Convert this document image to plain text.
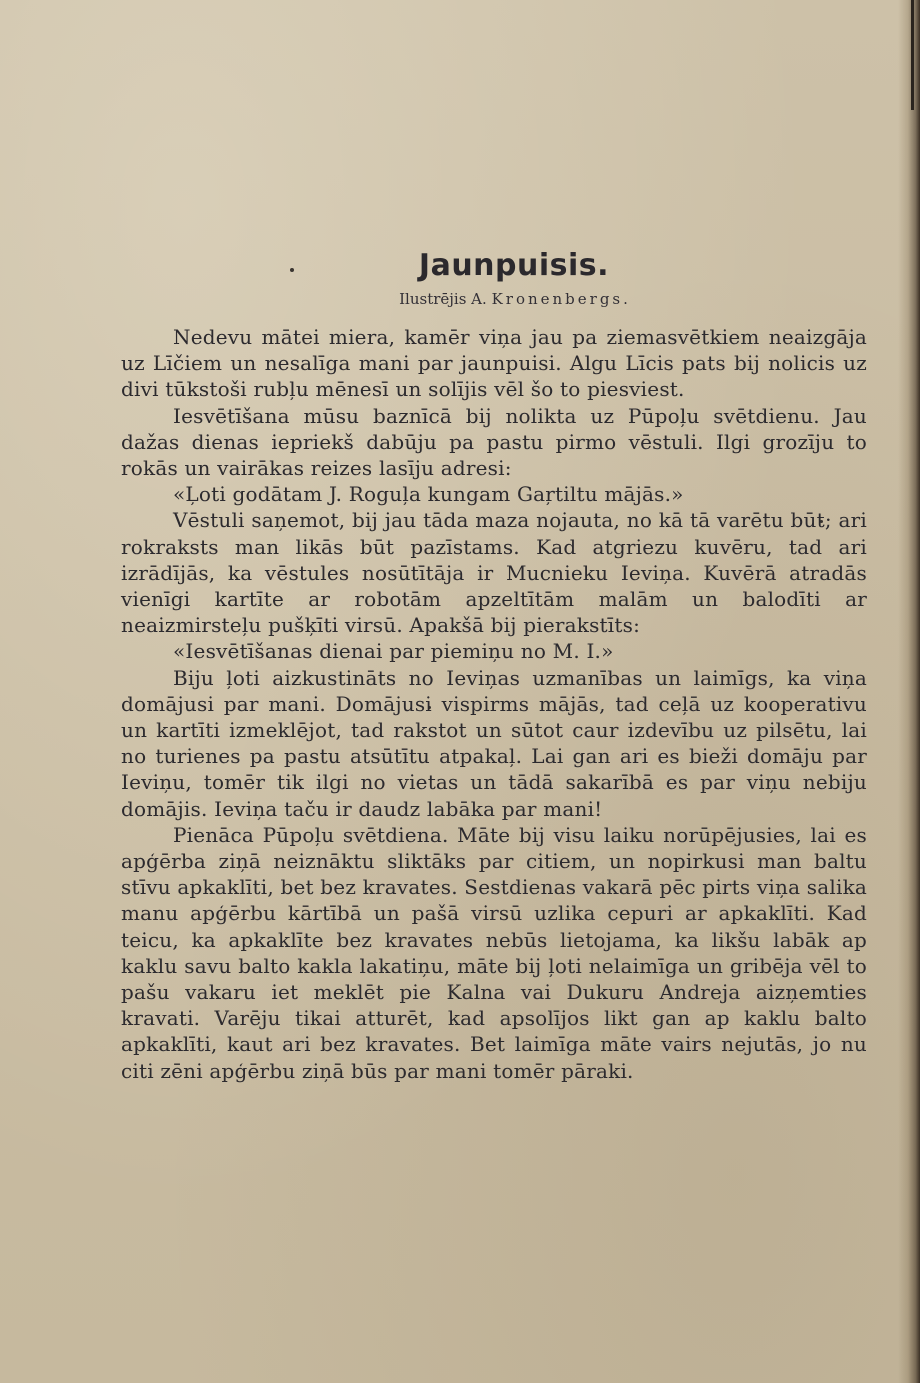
Jaunpuisis.
Ilustrējis A. Kronenbergs.

Nedevu mātei miera, kamēr viņa jau pa ziemasvētkiem neaizgāja uz Līčiem un nesalīga mani par jaunpuisi. Algu Līcis pats bij nolicis uz divi tūkstoši rubļu mēnesī un solījis vēl šo to piesviest.

Iesvētīšana mūsu baznīcā bij nolikta uz Pūpoļu svētdienu. Jau dažas dienas iepriekš dabūju pa pastu pirmo vēstuli. Ilgi grozīju to rokās un vairākas reizes lasīju adresi:

«Ļoti godātam J. Roguļa kungam Gaŗtiltu mājās.»

Vēstuli saņemot, bij jau tāda maza nojauta, no kā tā varētu būt; ari rokraksts man likās būt pazīstams. Kad atgriezu kuvēru, tad ari izrādījās, ka vēstules nosūtītāja ir Mucnieku Ieviņa. Kuvērā atradās vienīgi kartīte ar robotām apzeltītām malām un balodīti ar neaizmirsteļu pušķīti virsū. Apakšā bij pierakstīts:

«Iesvētīšanas dienai par piemiņu no M. I.»

Biju ļoti aizkustināts no Ieviņas uzmanības un laimīgs, ka viņa domājusi par mani. Domājusi vispirms mājās, tad ceļā uz kooperativu un kartīti izmeklējot, tad rakstot un sūtot caur izdevību uz pilsētu, lai no turienes pa pastu atsūtītu atpakaļ. Lai gan ari es bieži domāju par Ieviņu, tomēr tik ilgi no vietas un tādā sakarībā es par viņu nebiju domājis. Ieviņa taču ir daudz labāka par mani!

Pienāca Pūpoļu svētdiena. Māte bij visu laiku norūpējusies, lai es apģērba ziņā neiznāktu sliktāks par citiem, un nopirkusi man baltu stīvu apkaklīti, bet bez kravates. Sestdienas vakarā pēc pirts viņa salika manu apģērbu kārtībā un pašā virsū uzlika cepuri ar apkaklīti. Kad teicu, ka apkaklīte bez kravates nebūs lietojama, ka likšu labāk ap kaklu savu balto kakla lakatiņu, māte bij ļoti nelaimīga un gribēja vēl to pašu vakaru iet meklēt pie Kalna vai Dukuru Andreja aizņemties kravati. Varēju tikai atturēt, kad apsolījos likt gan ap kaklu balto apkaklīti, kaut ari bez kravates. Bet laimīga māte vairs nejutās, jo nu citi zēni apģērbu ziņā būs par mani tomēr pāraki.
